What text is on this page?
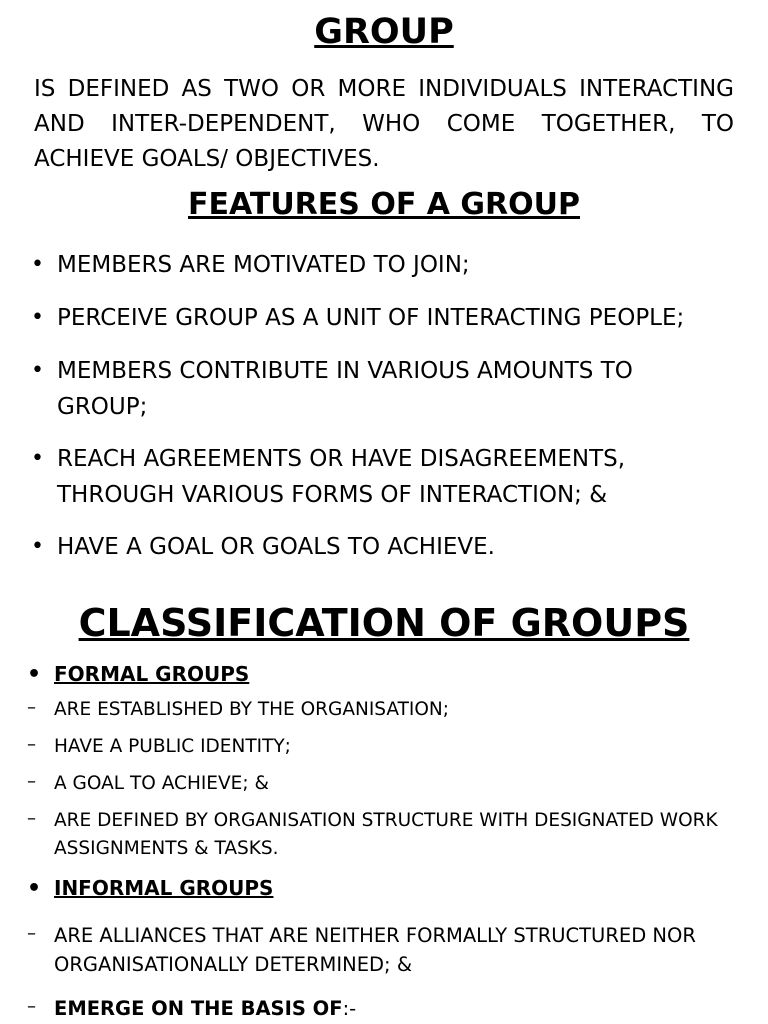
GROUP
IS DEFINED AS TWO OR MORE INDIVIDUALS INTERACTING AND INTER-DEPENDENT, WHO COME TOGETHER, TO ACHIEVE GOALS/ OBJECTIVES.
FEATURES OF A GROUP
• MEMBERS ARE MOTIVATED TO JOIN;
• PERCEIVE GROUP AS A UNIT OF INTERACTING PEOPLE;
• MEMBERS CONTRIBUTE IN VARIOUS AMOUNTS TO GROUP;
• REACH AGREEMENTS OR HAVE DISAGREEMENTS, THROUGH VARIOUS FORMS OF INTERACTION; &
• HAVE A GOAL OR GOALS TO ACHIEVE.
CLASSIFICATION OF GROUPS
• FORMAL GROUPS
– ARE ESTABLISHED BY THE ORGANISATION;
– HAVE A PUBLIC IDENTITY;
– A GOAL TO ACHIEVE; &
– ARE DEFINED BY ORGANISATION STRUCTURE WITH DESIGNATED WORK ASSIGNMENTS & TASKS.
• INFORMAL GROUPS
– ARE ALLIANCES THAT ARE NEITHER FORMALLY STRUCTURED NOR ORGANISATIONALLY DETERMINED; &
– EMERGE ON THE BASIS OF:-
